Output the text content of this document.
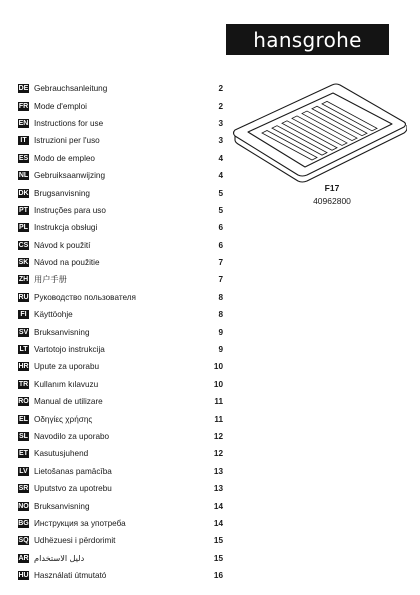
hansgrohe
DE Gebrauchsanleitung	2
FR Mode d'emploi	2
EN Instructions for use	3
IT Istruzioni per l'uso	3
ES Modo de empleo	4
NL Gebruiksaanwijzing	4
DK Brugsanvisning	5
PT Instruções para uso	5
PL Instrukcja obsługi	6
CS Návod k použití	6
SK Návod na použitie	7
ZH 用户手册	7
RU Руководство пользователя	8
FI Käyttöohje	8
SV Bruksanvisning	9
LT Vartotojo instrukcija	9
HR Upute za uporabu	10
TR Kullanım kılavuzu	10
RO Manual de utilizare	11
EL Οδηγίες χρήσης	11
SL Navodilo za uporabo	12
ET Kasutusjuhend	12
LV Lietošanas pamācība	13
SR Uputstvo za upotrebu	13
NO Bruksanvisning	14
BG Инструкция за употреба	14
SQ Udhëzuesi i përdorimit	15
AR دليل الاستخدام	15
HU Használati útmutató	16
F17
40962800
